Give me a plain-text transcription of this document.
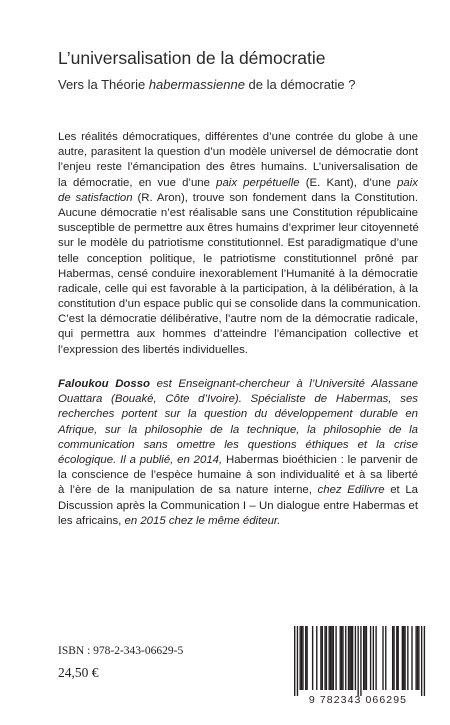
L’universalisation de la démocratie
Vers la Théorie habermassienne de la démocratie ?
Les réalités démocratiques, différentes d’une contrée du globe à une
autre, parasitent la question d’un modèle universel de démocratie dont
l’enjeu reste l’émancipation des êtres humains. L’universalisation de
la démocratie, en vue d’une paix perpétuelle (E. Kant), d’une paix
de satisfaction (R. Aron), trouve son fondement dans la Constitution.
Aucune démocratie n’est réalisable sans une Constitution républicaine
susceptible de permettre aux êtres humains d’exprimer leur citoyenneté
sur le modèle du patriotisme constitutionnel. Est paradigmatique d’une
telle conception politique, le patriotisme constitutionnel prôné par
Habermas, censé conduire inexorablement l’Humanité à la démocratie
radicale, celle qui est favorable à la participation, à la délibération, à la
constitution d’un espace public qui se consolide dans la communication.
C’est la démocratie délibérative, l’autre nom de la démocratie radicale,
qui permettra aux hommes d’atteindre l’émancipation collective et
l’expression des libertés individuelles.
Faloukou Dosso est Enseignant-chercheur à l’Université Alassane
Ouattara (Bouaké, Côte d’Ivoire). Spécialiste de Habermas, ses
recherches portent sur la question du développement durable en
Afrique, sur la philosophie de la technique, la philosophie de la
communication sans omettre les questions éthiques et la crise
écologique. Il a publié, en 2014, Habermas bioéthicien : le parvenir de
la conscience de l’espèce humaine à son individualité et à sa liberté
à l’ère de la manipulation de sa nature interne, chez Edilivre et La
Discussion après la Communication I – Un dialogue entre Habermas et
les africains, en 2015 chez le même éditeur.
ISBN : 978-2-343-06629-5
24,50 €
9 782343 066295
